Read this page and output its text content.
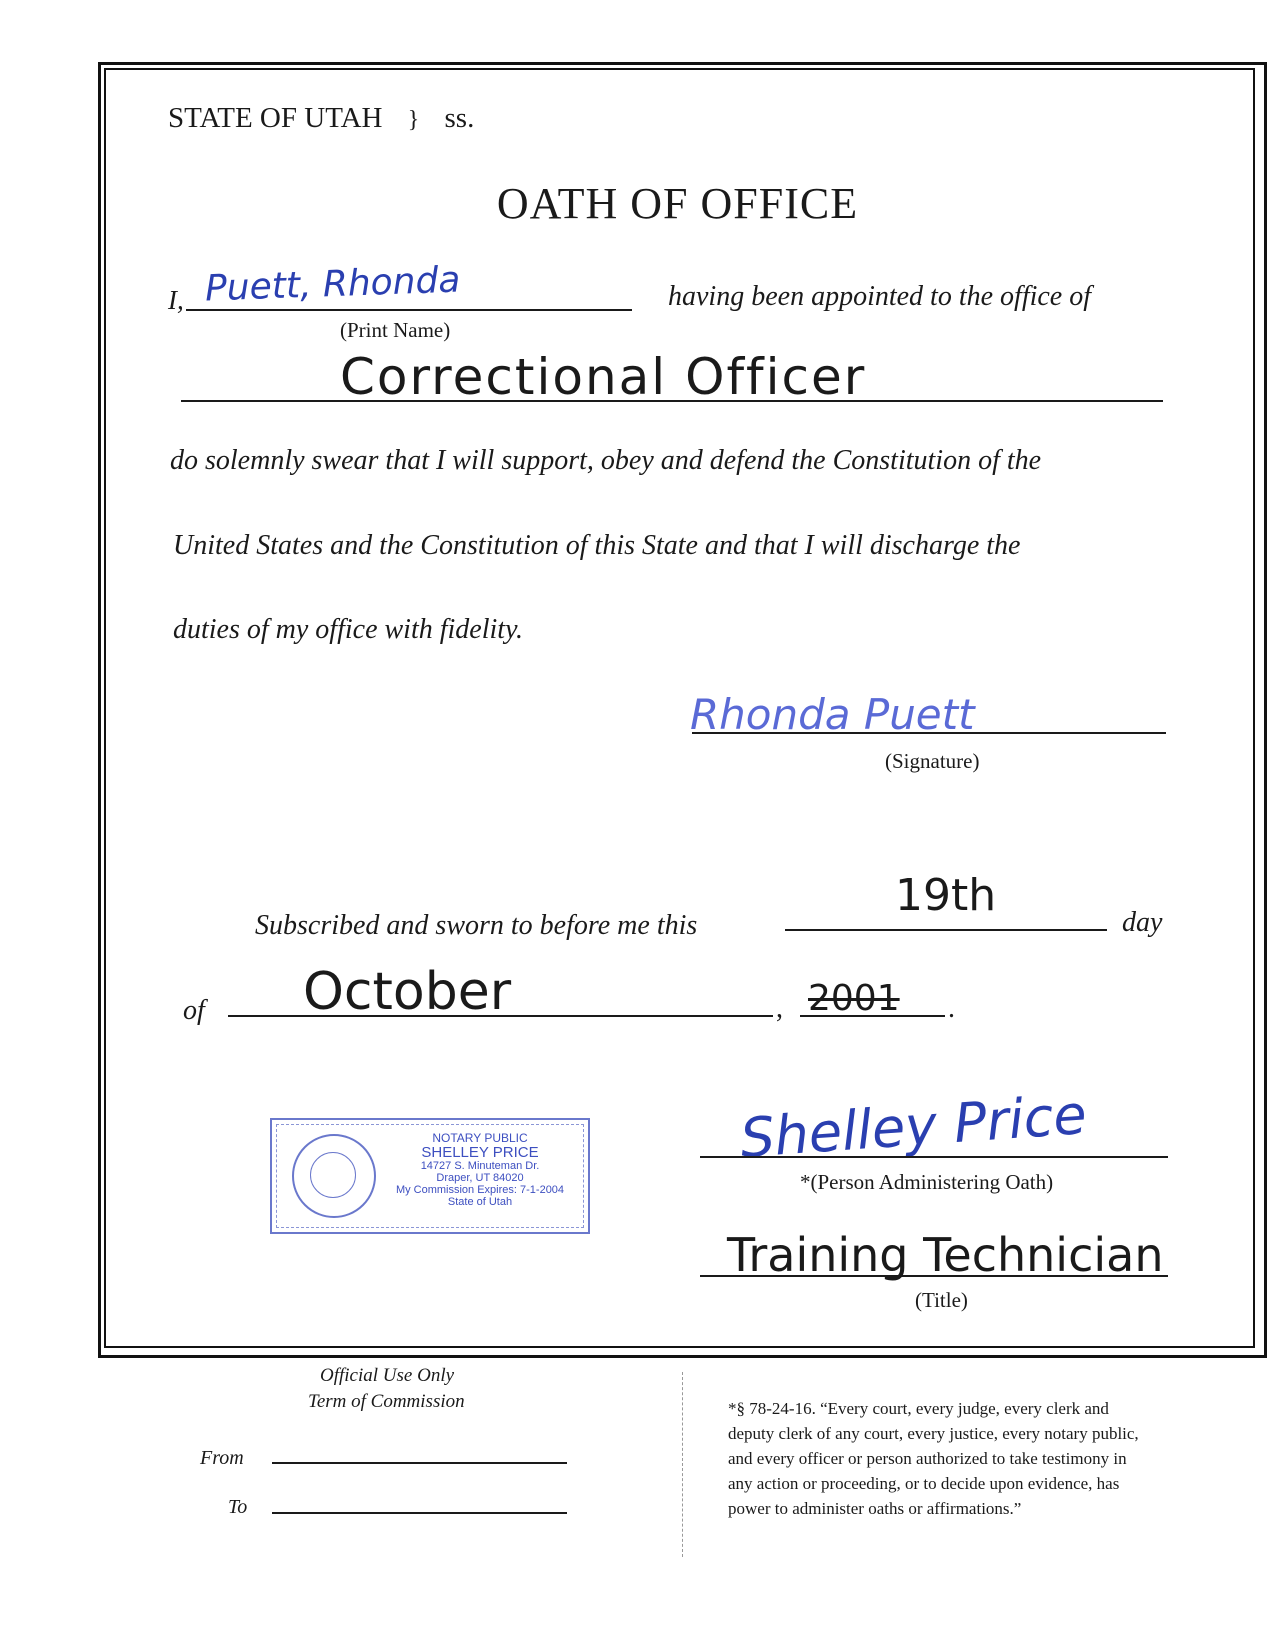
STATE OF UTAH } ss.
OATH OF OFFICE
I, Puett, Rhonda
(Print Name)
having been appointed to the office of
Correctional Officer
do solemnly swear that I will support, obey and defend the Constitution of the
United States and the Constitution of this State and that I will discharge the
duties of my office with fidelity.
Rhonda Puett
(Signature)
Subscribed and sworn to before me this
19th
day
of October	, 2001 .
NOTARY PUBLIC
SHELLEY PRICE
14727 S. Minuteman Dr.
Draper, UT 84020
My Commission Expires: 7-1-2004
State of Utah
Shelley Price
*(Person Administering Oath)
Training Technician
(Title)
Official Use Only
Term of Commission
From
To
*§ 78-24-16. “Every court, every judge, every clerk and
deputy clerk of any court, every justice, every notary public,
and every officer or person authorized to take testimony in
any action or proceeding, or to decide upon evidence, has
power to administer oaths or affirmations.”
